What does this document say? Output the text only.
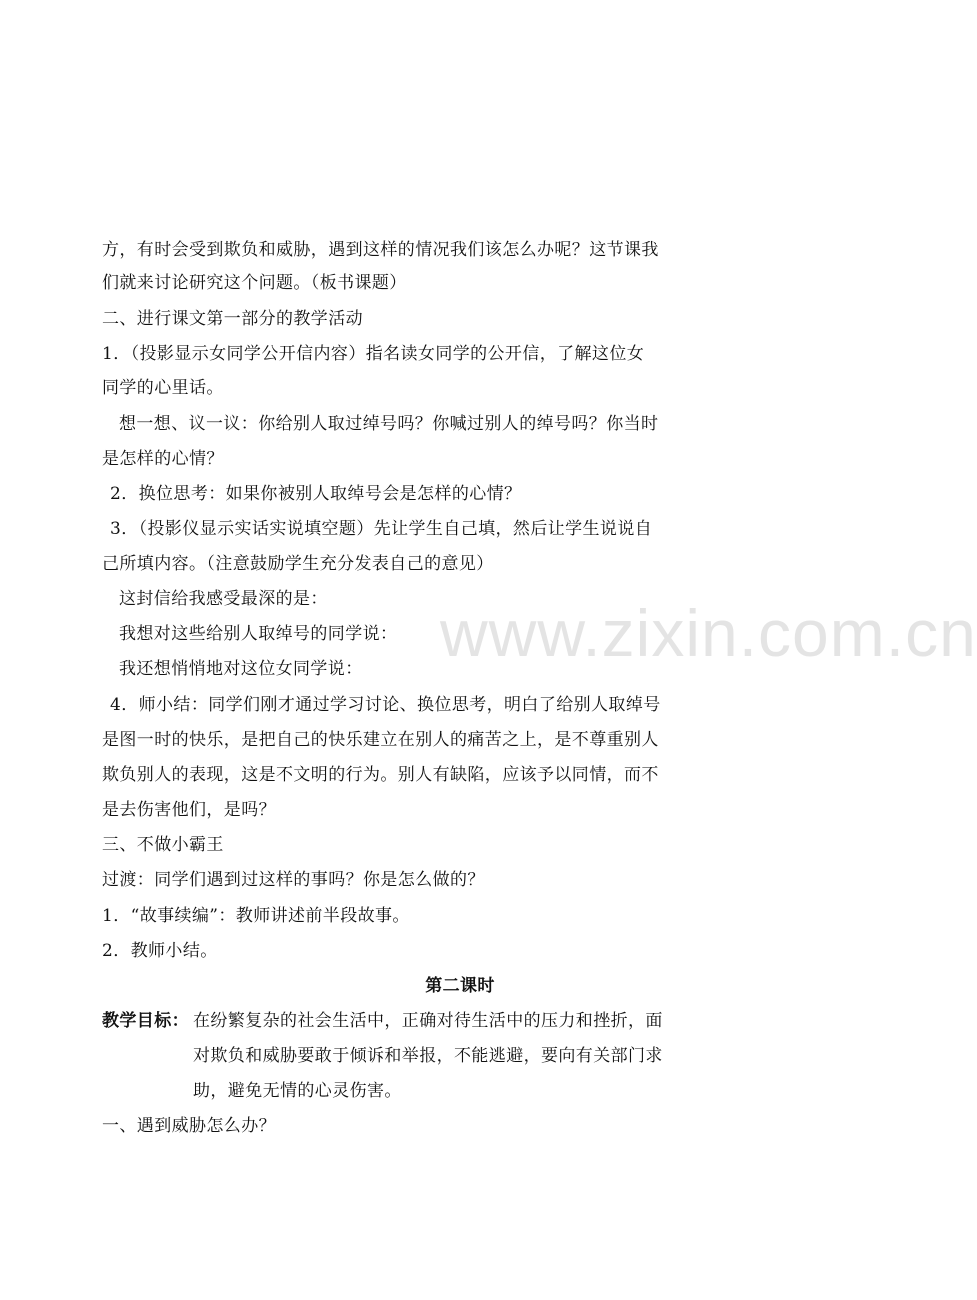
www.zixin.com.cn
方，有时会受到欺负和威胁，遇到这样的情况我们该怎么办呢？这节课我
们就来讨论研究这个问题。（板书课题）
二、进行课文第一部分的教学活动
1．（投影显示女同学公开信内容）指名读女同学的公开信，了解这位女
同学的心里话。
想一想、议一议：你给别人取过绰号吗？你喊过别人的绰号吗？你当时
是怎样的心情？
2．换位思考：如果你被别人取绰号会是怎样的心情？
3．（投影仪显示实话实说填空题）先让学生自己填，然后让学生说说自
己所填内容。（注意鼓励学生充分发表自己的意见）
这封信给我感受最深的是：
我想对这些给别人取绰号的同学说：
我还想悄悄地对这位女同学说：
4．师小结：同学们刚才通过学习讨论、换位思考，明白了给别人取绰号
是图一时的快乐，是把自己的快乐建立在别人的痛苦之上，是不尊重别人
欺负别人的表现，这是不文明的行为。别人有缺陷，应该予以同情，而不
是去伤害他们，是吗？
三、不做小霸王
过渡：同学们遇到过这样的事吗？你是怎么做的？
1．“故事续编”：教师讲述前半段故事。
2．教师小结。
第二课时
教学目标： 在纷繁复杂的社会生活中，正确对待生活中的压力和挫折，面
对欺负和威胁要敢于倾诉和举报，不能逃避，要向有关部门求
助，避免无情的心灵伤害。
一、遇到威胁怎么办？
